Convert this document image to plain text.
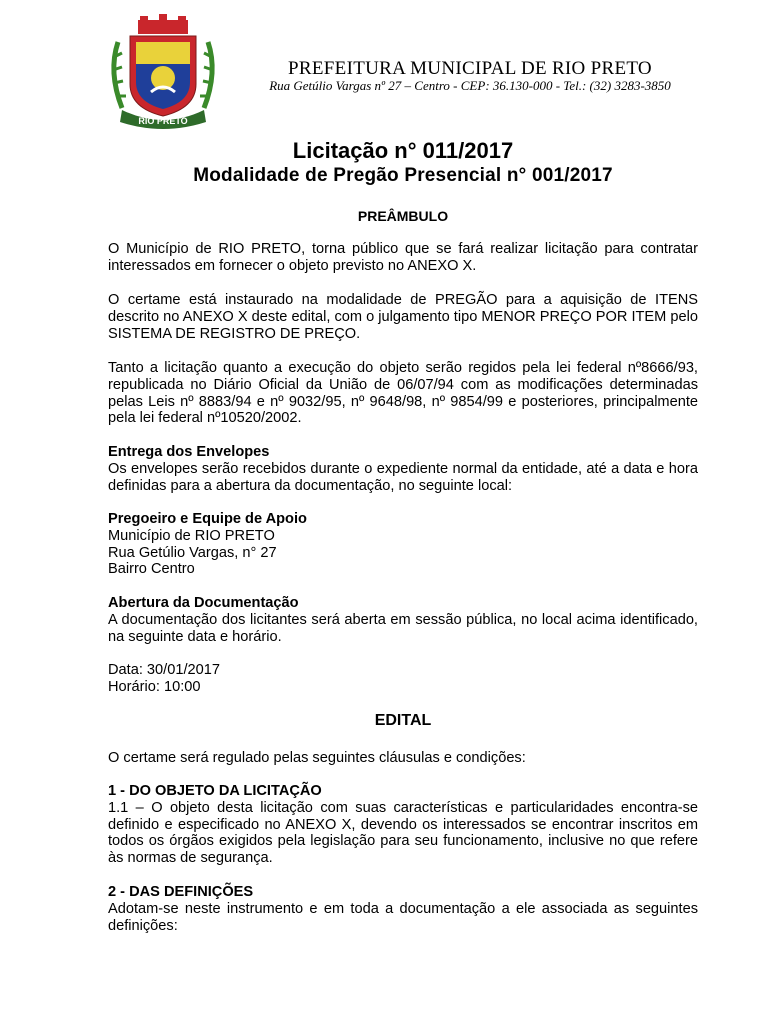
RIO PRETO
PREFEITURA MUNICIPAL DE RIO PRETO
Rua Getúlio Vargas nº 27 – Centro - CEP: 36.130-000 - Tel.: (32) 3283-3850
Licitação n° 011/2017
Modalidade de Pregão Presencial n° 001/2017
PREÂMBULO
O Município de RIO PRETO, torna público que se fará realizar licitação para contratar interessados em fornecer o objeto previsto no ANEXO X.
O certame está instaurado na modalidade de PREGÃO para a aquisição de ITENS descrito no ANEXO X deste edital, com o julgamento tipo MENOR PREÇO POR ITEM pelo SISTEMA DE REGISTRO DE PREÇO.
Tanto a licitação quanto a execução do objeto serão regidos pela lei federal nº8666/93, republicada no Diário Oficial da União de 06/07/94 com as modificações determinadas pelas Leis nº 8883/94 e nº 9032/95, nº 9648/98, nº 9854/99 e posteriores, principalmente pela lei federal nº10520/2002.
Entrega dos Envelopes
Os envelopes serão recebidos durante o expediente normal da entidade, até a data e hora definidas para a abertura da documentação, no seguinte local:
Pregoeiro e Equipe de Apoio
Município de RIO PRETO
Rua Getúlio Vargas, n° 27
Bairro Centro
Abertura da Documentação
A documentação dos licitantes será aberta em sessão pública, no local acima identificado, na seguinte data e horário.
Data: 30/01/2017
Horário: 10:00
EDITAL
O certame será regulado pelas seguintes cláusulas e condições:
1 - DO OBJETO DA LICITAÇÃO
1.1 – O objeto desta licitação com suas características e particularidades encontra-se definido e especificado no ANEXO X, devendo os interessados se encontrar inscritos em todos os órgãos exigidos pela legislação para seu funcionamento, inclusive no que refere às normas de segurança.
2 - DAS DEFINIÇÕES
Adotam-se neste instrumento e em toda a documentação a ele associada as seguintes definições:
